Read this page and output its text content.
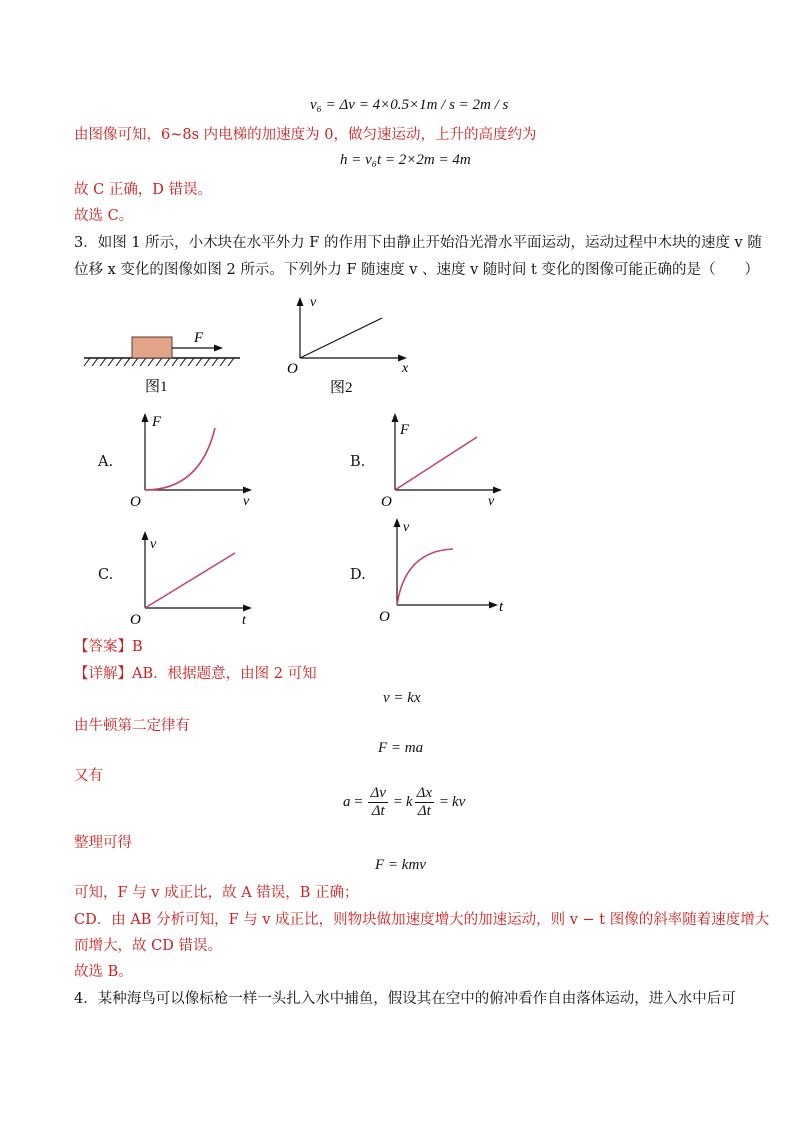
v₆ = Δv = 4×0.5×1m / s = 2m / s
由图像可知，6~8s 内电梯的加速度为 0，做匀速运动，上升的高度约为
h = v₆t = 2×2m = 4m
故 C 正确，D 错误。
故选 C。
3．如图 1 所示，小木块在水平外力 F 的作用下由静止开始沿光滑水平面运动，运动过程中木块的速度 v 随
位移 x 变化的图像如图 2 所示。下列外力 F 随速度 v 、速度 v 随时间 t 变化的图像可能正确的是（　　）
F
图1
v
x
O
图2
A.
F
v
O
B.
F
v
O
C.
v
t
O
D.
v
t
O
【答案】B
【详解】AB．根据题意，由图 2 可知
v = kx
由牛顿第二定律有
F = ma
又有
$a = \frac{\Delta v}{\Delta t} = k \frac{\Delta x}{\Delta t}$ = kv
整理可得
F = kmv
可知，F 与 v 成正比，故 A 错误，B 正确；
CD．由 AB 分析可知，F 与 v 成正比，则物块做加速度增大的加速运动，则 v − t 图像的斜率随着速度增大
而增大，故 CD 错误。
故选 B。
4．某种海鸟可以像标枪一样一头扎入水中捕鱼，假设其在空中的俯冲看作自由落体运动，进入水中后可
